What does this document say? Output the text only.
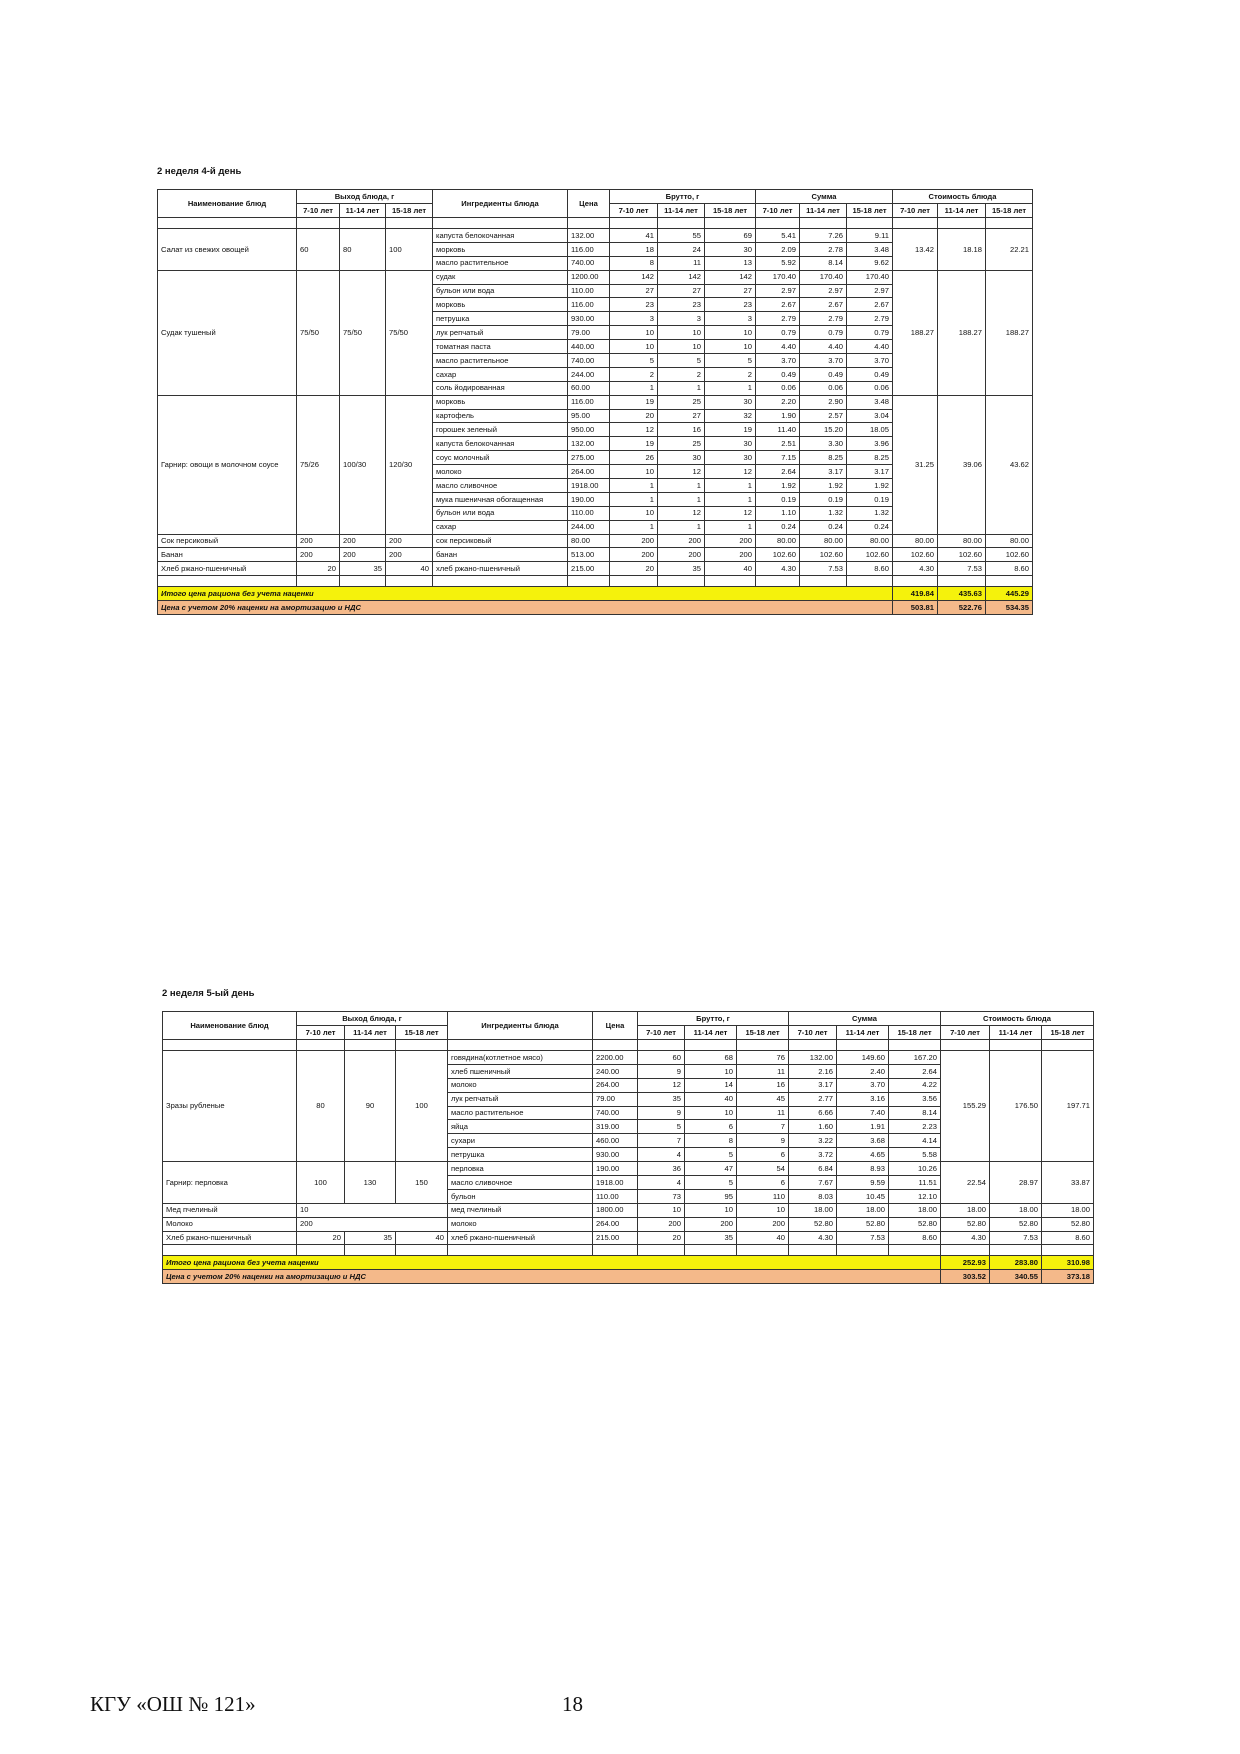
2 неделя 4-й день
Наименование блюд	Выход блюда, г			Ингредиенты блюда	Цена	Брутто, г			Сумма			Стоимость блюда		
	7-10 лет	11-14 лет	15-18 лет			7-10 лет	11-14 лет	15-18 лет	7-10 лет	11-14 лет	15-18 лет	7-10 лет	11-14 лет	15-18 лет

Салат из свежих овощей	60	80	100	капуста белокочанная	132.00	41	55	69	5.41	7.26	9.11	13.42	18.18	22.21
				морковь	116.00	18	24	30	2.09	2.78	3.48			
				масло растительное	740.00	8	11	13	5.92	8.14	9.62			
Судак тушеный	75/50	75/50	75/50	судак	1200.00	142	142	142	170.40	170.40	170.40	188.27	188.27	188.27
				бульон или вода	110.00	27	27	27	2.97	2.97	2.97			
				морковь	116.00	23	23	23	2.67	2.67	2.67			
				петрушка	930.00	3	3	3	2.79	2.79	2.79			
				лук репчатый	79.00	10	10	10	0.79	0.79	0.79			
				томатная паста	440.00	10	10	10	4.40	4.40	4.40			
				масло растительное	740.00	5	5	5	3.70	3.70	3.70			
				сахар	244.00	2	2	2	0.49	0.49	0.49			
				соль йодированная	60.00	1	1	1	0.06	0.06	0.06			
Гарнир: овощи в молочном соусе	75/26	100/30	120/30	морковь	116.00	19	25	30	2.20	2.90	3.48	31.25	39.06	43.62
				картофель	95.00	20	27	32	1.90	2.57	3.04			
				горошек зеленый	950.00	12	16	19	11.40	15.20	18.05			
				капуста белокочанная	132.00	19	25	30	2.51	3.30	3.96			
				соус молочный	275.00	26	30	30	7.15	8.25	8.25			
				молоко	264.00	10	12	12	2.64	3.17	3.17			
				масло сливочное	1918.00	1	1	1	1.92	1.92	1.92			
				мука пшеничная обогащенная	190.00	1	1	1	0.19	0.19	0.19			
				бульон или вода	110.00	10	12	12	1.10	1.32	1.32			
				сахар	244.00	1	1	1	0.24	0.24	0.24			
Сок персиковый	200	200	200	сок персиковый	80.00	200	200	200	80.00	80.00	80.00	80.00	80.00	80.00
Банан	200	200	200	банан	513.00	200	200	200	102.60	102.60	102.60	102.60	102.60	102.60
Хлеб ржано-пшеничный	20	35	40	хлеб ржано-пшеничный	215.00	20	35	40	4.30	7.53	8.60	4.30	7.53	8.60

Итого цена рациона без учета наценки												419.84	435.63	445.29
Цена с учетом 20% наценки на амортизацию и НДС												503.81	522.76	534.35
2 неделя 5-ый день
Наименование блюд	Выход блюда, г			Ингредиенты блюда	Цена	Брутто, г			Сумма			Стоимость блюда		
	7-10 лет	11-14 лет	15-18 лет			7-10 лет	11-14 лет	15-18 лет	7-10 лет	11-14 лет	15-18 лет	7-10 лет	11-14 лет	15-18 лет

Зразы рубленые	80	90	100	говядина(котлетное мясо)	2200.00	60	68	76	132.00	149.60	167.20	155.29	176.50	197.71
				хлеб пшеничный	240.00	9	10	11	2.16	2.40	2.64			
				молоко	264.00	12	14	16	3.17	3.70	4.22			
				лук репчатый	79.00	35	40	45	2.77	3.16	3.56			
				масло растительное	740.00	9	10	11	6.66	7.40	8.14			
				яйца	319.00	5	6	7	1.60	1.91	2.23			
				сухари	460.00	7	8	9	3.22	3.68	4.14			
				петрушка	930.00	4	5	6	3.72	4.65	5.58			
Гарнир: перловка	100	130	150	перловка	190.00	36	47	54	6.84	8.93	10.26	22.54	28.97	33.87
				масло сливочное	1918.00	4	5	6	7.67	9.59	11.51			
				бульон	110.00	73	95	110	8.03	10.45	12.10			
Мед пчелиный	10			мед пчелиный	1800.00	10	10	10	18.00	18.00	18.00	18.00	18.00	18.00
Молоко	200			молоко	264.00	200	200	200	52.80	52.80	52.80	52.80	52.80	52.80
Хлеб ржано-пшеничный	20	35	40	хлеб ржано-пшеничный	215.00	20	35	40	4.30	7.53	8.60	4.30	7.53	8.60

Итого цена рациона без учета наценки												252.93	283.80	310.98
Цена с учетом 20% наценки на амортизацию и НДС												303.52	340.55	373.18
КГУ «ОШ № 121»	18
